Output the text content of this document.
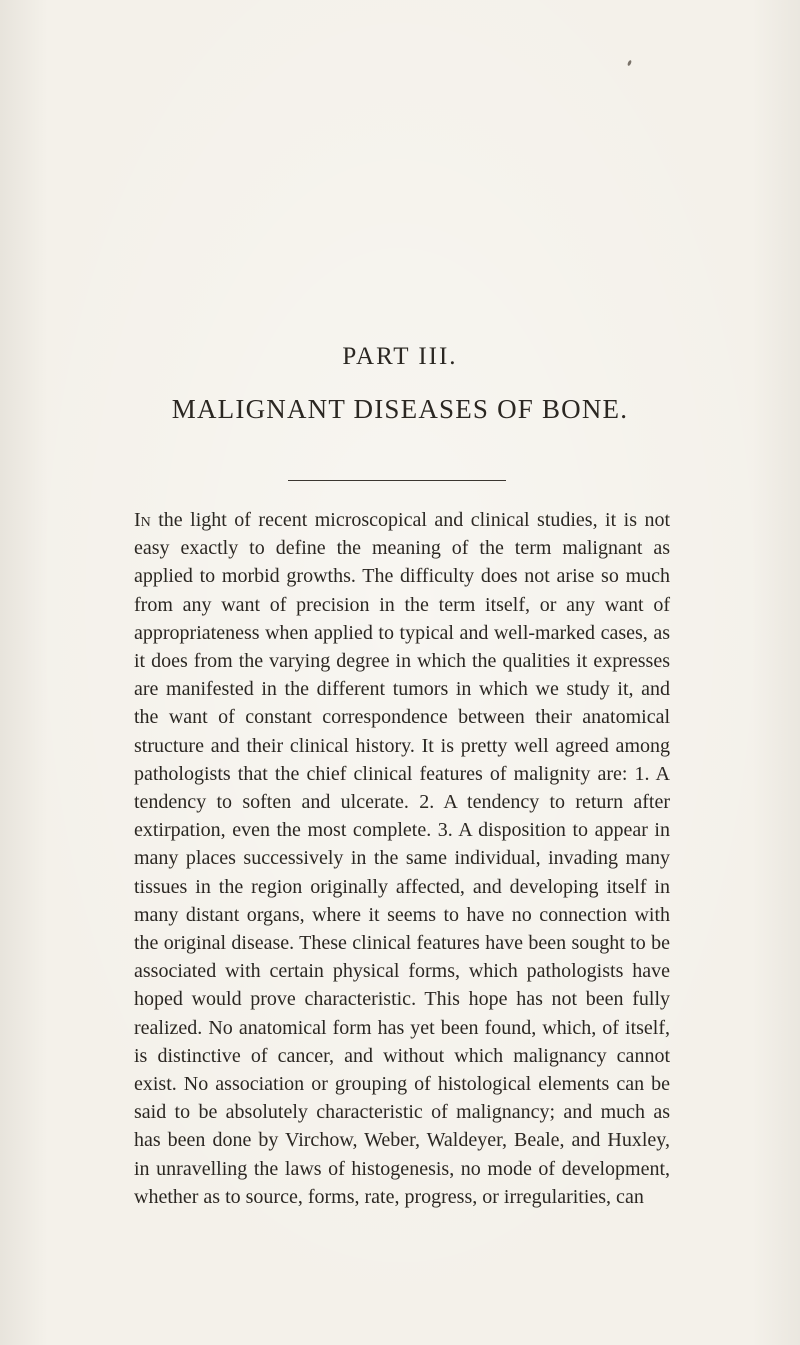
PART III.
MALIGNANT DISEASES OF BONE.

In the light of recent microscopical and clinical studies, it is not easy exactly to define the meaning of the term malignant as applied to morbid growths. The difficulty does not arise so much from any want of precision in the term itself, or any want of appropriateness when applied to typical and well-marked cases, as it does from the varying degree in which the qualities it expresses are manifested in the different tumors in which we study it, and the want of constant correspondence between their anatomical structure and their clinical history. It is pretty well agreed among pathologists that the chief clinical features of malignity are: 1. A tendency to soften and ulcerate. 2. A tendency to return after extirpation, even the most complete. 3. A disposition to appear in many places successively in the same individual, invading many tissues in the region originally affected, and developing itself in many distant organs, where it seems to have no connection with the original disease. These clinical features have been sought to be associated with certain physical forms, which pathologists have hoped would prove characteristic. This hope has not been fully realized. No anatomical form has yet been found, which, of itself, is distinctive of cancer, and without which malignancy cannot exist. No association or grouping of histological elements can be said to be absolutely characteristic of malignancy; and much as has been done by Virchow, Weber, Waldeyer, Beale, and Huxley, in unravelling the laws of histogenesis, no mode of development, whether as to source, forms, rate, progress, or irregularities, can
